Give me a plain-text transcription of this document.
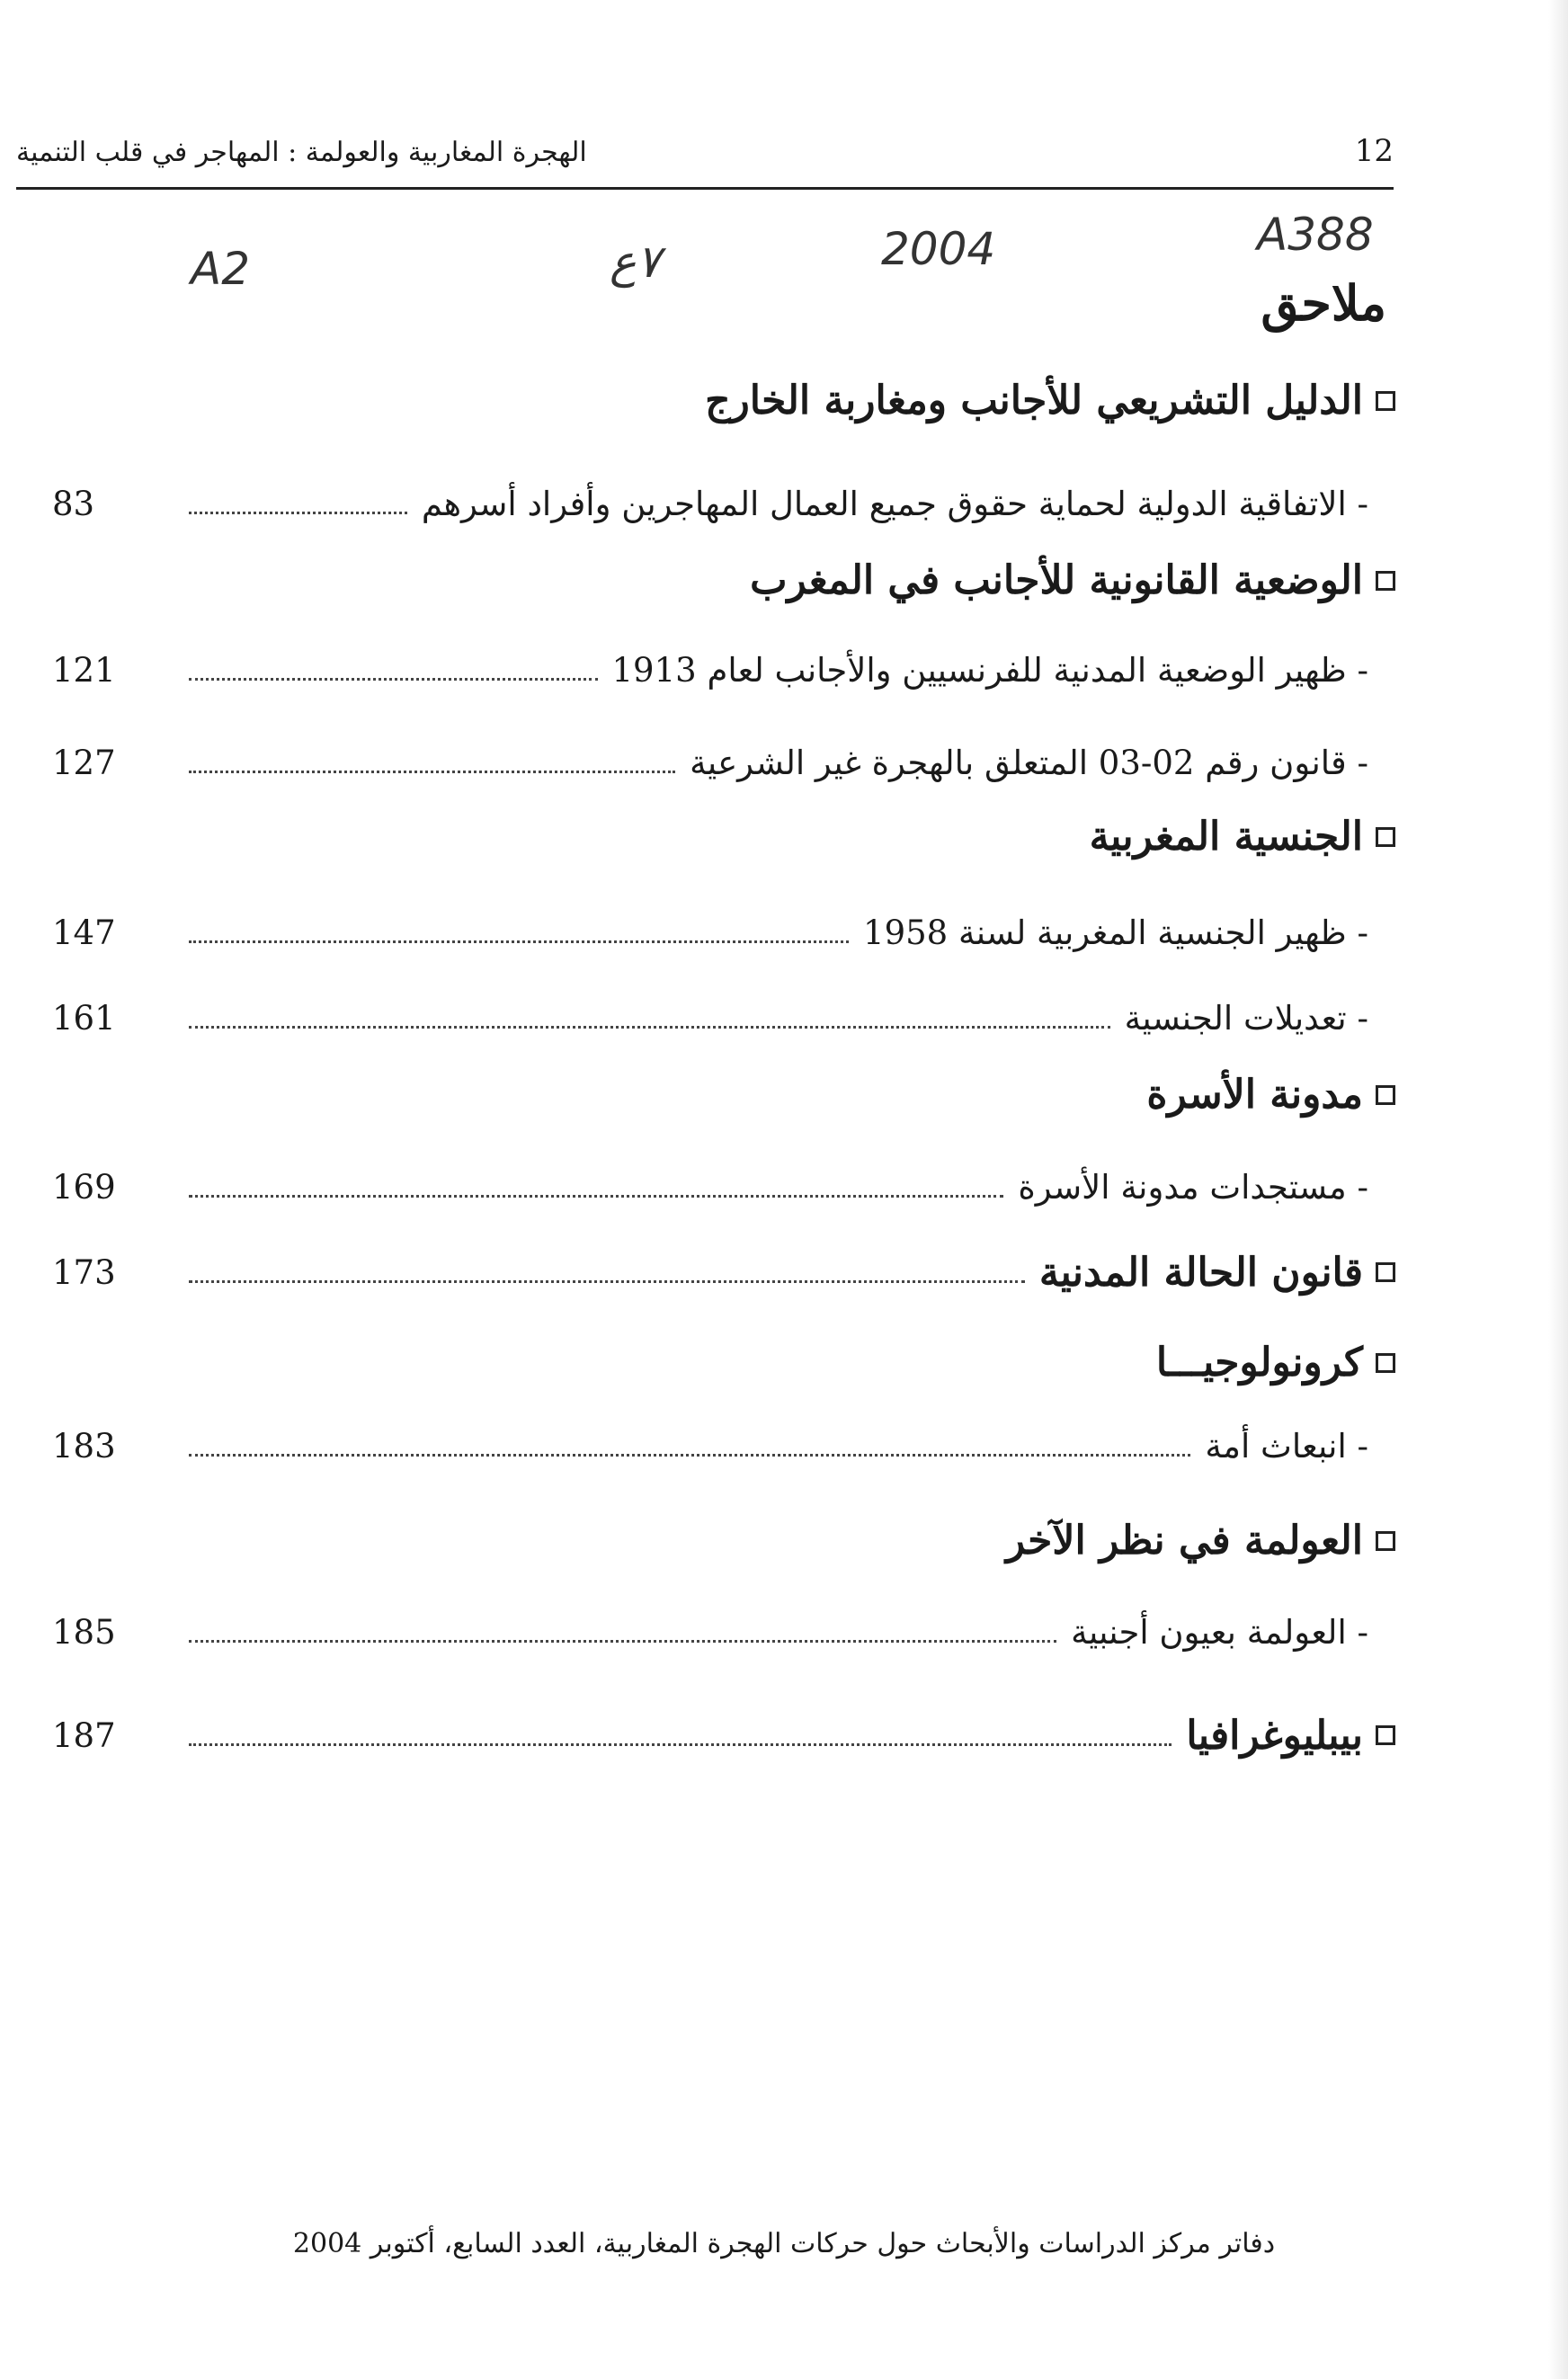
12
الهجرة المغاربية والعولمة : المهاجر في قلب التنمية
A2	٧ع	2004	A388
ملاحق
الدليل التشريعي للأجانب ومغاربة الخارج
83	- الاتفاقية الدولية لحماية حقوق جميع العمال المهاجرين وأفراد أسرهم
الوضعية القانونية للأجانب في المغرب
121	- ظهير الوضعية المدنية للفرنسيين والأجانب لعام 1913
127	- قانون رقم 02-03 المتعلق بالهجرة غير الشرعية
الجنسية المغربية
147	- ظهير الجنسية المغربية لسنة 1958
161	- تعديلات الجنسية
مدونة الأسرة
169	- مستجدات مدونة الأسرة
173	قانون الحالة المدنية
كرونولوجيـــا
183	- انبعاث أمة
العولمة في نظر الآخر
185	- العولمة بعيون أجنبية
187	بيبليوغرافيا
دفاتر مركز الدراسات والأبحاث حول حركات الهجرة المغاربية، العدد السابع، أكتوبر 2004
